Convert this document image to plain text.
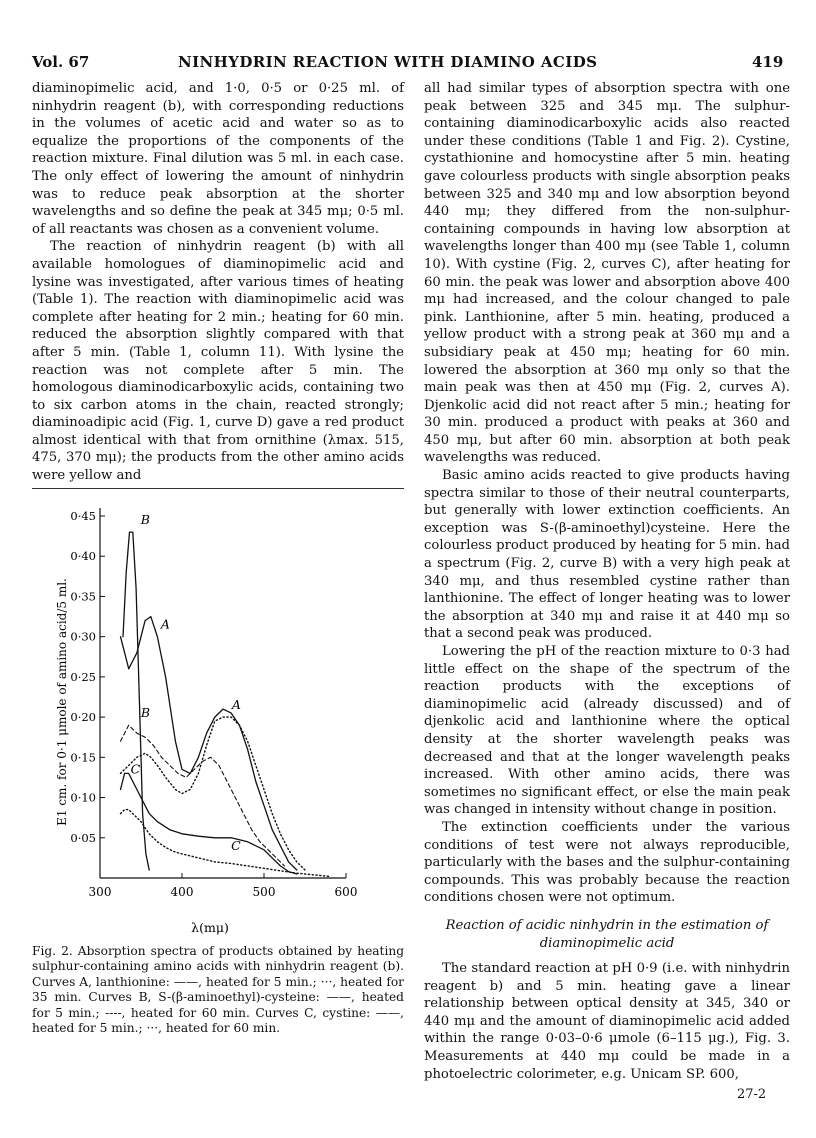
Vol. 67	NINHYDRIN REACTION WITH DIAMINO ACIDS	419

diaminopimelic acid, and 1·0, 0·5 or 0·25 ml. of ninhydrin reagent (b), with corresponding reductions in the volumes of acetic acid and water so as to equalize the proportions of the components of the reaction mixture. Final dilution was 5 ml. in each case. The only effect of lowering the amount of ninhydrin was to reduce peak absorption at the shorter wavelengths and so define the peak at 345 mμ; 0·5 ml. of all reactants was chosen as a convenient volume.

The reaction of ninhydrin reagent (b) with all available homologues of diaminopimelic acid and lysine was investigated, after various times of heating (Table 1). The reaction with diaminopimelic acid was complete after heating for 2 min.; heating for 60 min. reduced the absorption slightly compared with that after 5 min. (Table 1, column 11). With lysine the reaction was not complete after 5 min. The homologous diaminodicarboxylic acids, containing two to six carbon atoms in the chain, reacted strongly; diaminoadipic acid (Fig. 1, curve D) gave a red product almost identical with that from ornithine (λmax. 515, 475, 370 mμ); the products from the other amino acids were yellow and

300	400	500	600
0·05
0·10
0·15
0·20
0·25
0·30
0·35
0·40
0·45
A
A
B
B
C
C
E1 cm. for 0·1 μmole of amino acid/5 ml.
λ(mμ)

Fig. 2. Absorption spectra of products obtained by heating sulphur-containing amino acids with ninhydrin reagent (b). Curves A, lanthionine: ——, heated for 5 min.; ···, heated for 35 min. Curves B, S-(β-aminoethyl)-cysteine: ——, heated for 5 min.; ----, heated for 60 min. Curves C, cystine: ——, heated for 5 min.; ···, heated for 60 min.

all had similar types of absorption spectra with one peak between 325 and 345 mμ. The sulphur-containing diaminodicarboxylic acids also reacted under these conditions (Table 1 and Fig. 2). Cystine, cystathionine and homocystine after 5 min. heating gave colourless products with single absorption peaks between 325 and 340 mμ and low absorption beyond 440 mμ; they differed from the non-sulphur-containing compounds in having low absorption at wavelengths longer than 400 mμ (see Table 1, column 10). With cystine (Fig. 2, curves C), after heating for 60 min. the peak was lower and absorption above 400 mμ had increased, and the colour changed to pale pink. Lanthionine, after 5 min. heating, produced a yellow product with a strong peak at 360 mμ and a subsidiary peak at 450 mμ; heating for 60 min. lowered the absorption at 360 mμ only so that the main peak was then at 450 mμ (Fig. 2, curves A). Djenkolic acid did not react after 5 min.; heating for 30 min. produced a product with peaks at 360 and 450 mμ, but after 60 min. absorption at both peak wavelengths was reduced.

Basic amino acids reacted to give products having spectra similar to those of their neutral counterparts, but generally with lower extinction coefficients. An exception was S-(β-aminoethyl)cysteine. Here the colourless product produced by heating for 5 min. had a spectrum (Fig. 2, curve B) with a very high peak at 340 mμ, and thus resembled cystine rather than lanthionine. The effect of longer heating was to lower the absorption at 340 mμ and raise it at 440 mμ so that a second peak was produced.

Lowering the pH of the reaction mixture to 0·3 had little effect on the shape of the spectrum of the reaction products with the exceptions of diaminopimelic acid (already discussed) and of djenkolic acid and lanthionine where the optical density at the shorter wavelength peaks was decreased and that at the longer wavelength peaks increased. With other amino acids, there was sometimes no significant effect, or else the main peak was changed in intensity without change in position.

The extinction coefficients under the various conditions of test were not always reproducible, particularly with the bases and the sulphur-containing compounds. This was probably because the reaction conditions chosen were not optimum.

Reaction of acidic ninhydrin in the estimation of diaminopimelic acid

The standard reaction at pH 0·9 (i.e. with ninhydrin reagent b) and 5 min. heating gave a linear relationship between optical density at 345, 340 or 440 mμ and the amount of diaminopimelic acid added within the range 0·03–0·6 μmole (6–115 μg.), Fig. 3. Measurements at 440 mμ could be made in a photoelectric colorimeter, e.g. Unicam SP. 600,

27-2
